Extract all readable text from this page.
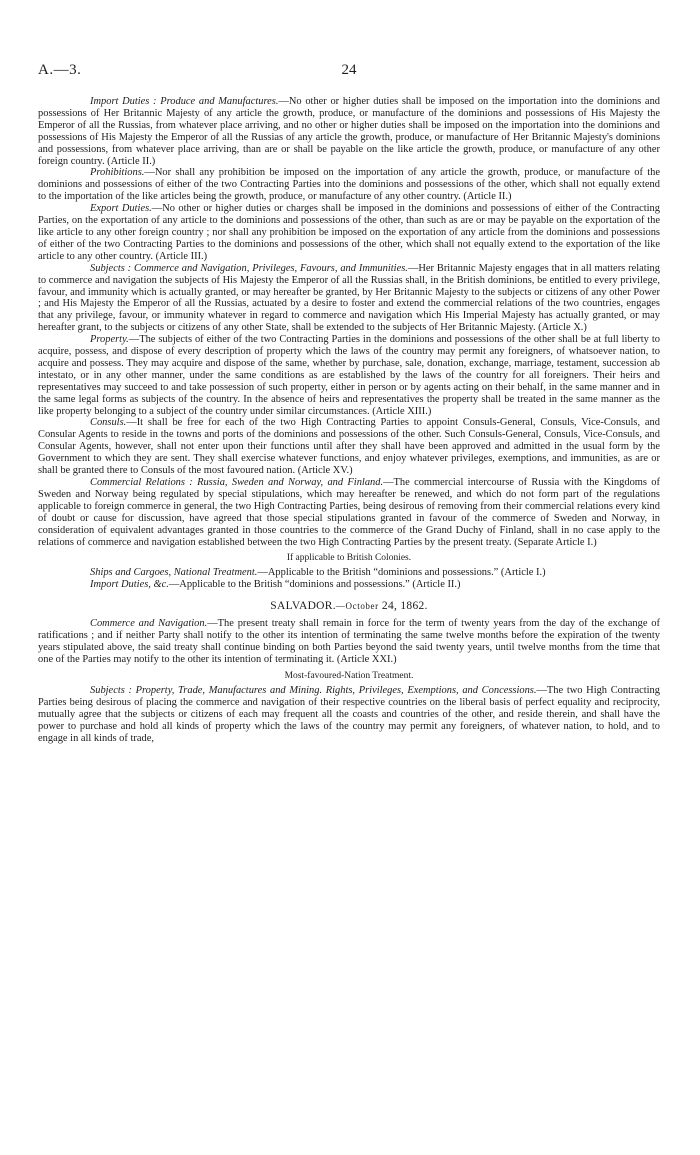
A.—3.	24

Import Duties : Produce and Manufactures.—No other or higher duties shall be imposed on the importation into the dominions and possessions of Her Britannic Majesty of any article the growth, produce, or manufacture of the dominions and possessions of His Majesty the Emperor of all the Russias, from whatever place arriving, and no other or higher duties shall be imposed on the importation into the dominions and possessions of His Majesty the Emperor of all the Russias of any article the growth, produce, or manufacture of Her Britannic Majesty's dominions and possessions, from whatever place arriving, than are or shall be payable on the like article the growth, produce, or manufacture of any other foreign country. (Article II.)

Prohibitions.—Nor shall any prohibition be imposed on the importation of any article the growth, produce, or manufacture of the dominions and possessions of either of the two Contracting Parties into the dominions and possessions of the other, which shall not equally extend to the importation of the like articles being the growth, produce, or manufacture of any other country. (Article II.)

Export Duties.—No other or higher duties or charges shall be imposed in the dominions and possessions of either of the Contracting Parties, on the exportation of any article to the dominions and possessions of the other, than such as are or may be payable on the exportation of the like article to any other foreign country ; nor shall any prohibition be imposed on the exportation of any article from the dominions and possessions of either of the two Contracting Parties to the dominions and possessions of the other, which shall not equally extend to the exportation of the like article to any other country. (Article III.)

Subjects : Commerce and Navigation, Privileges, Favours, and Immunities.—Her Britannic Majesty engages that in all matters relating to commerce and navigation the subjects of His Majesty the Emperor of all the Russias shall, in the British dominions, be entitled to every privilege, favour, and immunity which is actually granted, or may hereafter be granted, by Her Britannic Majesty to the subjects or citizens of any other Power ; and His Majesty the Emperor of all the Russias, actuated by a desire to foster and extend the commercial relations of the two countries, engages that any privilege, favour, or immunity whatever in regard to commerce and navigation which His Imperial Majesty has actually granted, or may hereafter grant, to the subjects or citizens of any other State, shall be extended to the subjects of Her Britannic Majesty. (Article X.)

Property.—The subjects of either of the two Contracting Parties in the dominions and possessions of the other shall be at full liberty to acquire, possess, and dispose of every description of property which the laws of the country may permit any foreigners, of whatsoever nation, to acquire and possess. They may acquire and dispose of the same, whether by purchase, sale, donation, exchange, marriage, testament, succession ab intestato, or in any other manner, under the same conditions as are established by the laws of the country for all foreigners. Their heirs and representatives may succeed to and take possession of such property, either in person or by agents acting on their behalf, in the same manner and in the same legal forms as subjects of the country. In the absence of heirs and representatives the property shall be treated in the same manner as the like property belonging to a subject of the country under similar circumstances. (Article XIII.)

Consuls.—It shall be free for each of the two High Contracting Parties to appoint Consuls-General, Consuls, Vice-Consuls, and Consular Agents to reside in the towns and ports of the dominions and possessions of the other. Such Consuls-General, Consuls, Vice-Consuls, and Consular Agents, however, shall not enter upon their functions until after they shall have been approved and admitted in the usual form by the Government to which they are sent. They shall exercise whatever functions, and enjoy whatever privileges, exemptions, and immunities, as are or shall be granted there to Consuls of the most favoured nation. (Article XV.)

Commercial Relations : Russia, Sweden and Norway, and Finland.—The commercial intercourse of Russia with the Kingdoms of Sweden and Norway being regulated by special stipulations, which may hereafter be renewed, and which do not form part of the regulations applicable to foreign commerce in general, the two High Contracting Parties, being desirous of removing from their commercial relations every kind of doubt or cause for discussion, have agreed that those special stipulations granted in favour of the commerce of Sweden and Norway, in consideration of equivalent advantages granted in those countries to the commerce of the Grand Duchy of Finland, shall in no case apply to the relations of commerce and navigation established between the two High Contracting Parties by the present treaty. (Separate Article I.)

If applicable to British Colonies.

Ships and Cargoes, National Treatment.—Applicable to the British “dominions and possessions.” (Article I.)

Import Duties, &c.—Applicable to the British “dominions and possessions.” (Article II.)

SALVADOR.—October 24, 1862.

Commerce and Navigation.—The present treaty shall remain in force for the term of twenty years from the day of the exchange of ratifications ; and if neither Party shall notify to the other its intention of terminating the same twelve months before the expiration of the twenty years stipulated above, the said treaty shall continue binding on both Parties beyond the said twenty years, until twelve months from the time that one of the Parties may notify to the other its intention of terminating it. (Article XXI.)

Most-favoured-Nation Treatment.

Subjects : Property, Trade, Manufactures and Mining. Rights, Privileges, Exemptions, and Concessions.—The two High Contracting Parties being desirous of placing the commerce and navigation of their respective countries on the liberal basis of perfect equality and reciprocity, mutually agree that the subjects or citizens of each may frequent all the coasts and countries of the other, and reside therein, and shall have the power to purchase and hold all kinds of property which the laws of the country may permit any foreigners, of whatever nation, to hold, and to engage in all kinds of trade,
